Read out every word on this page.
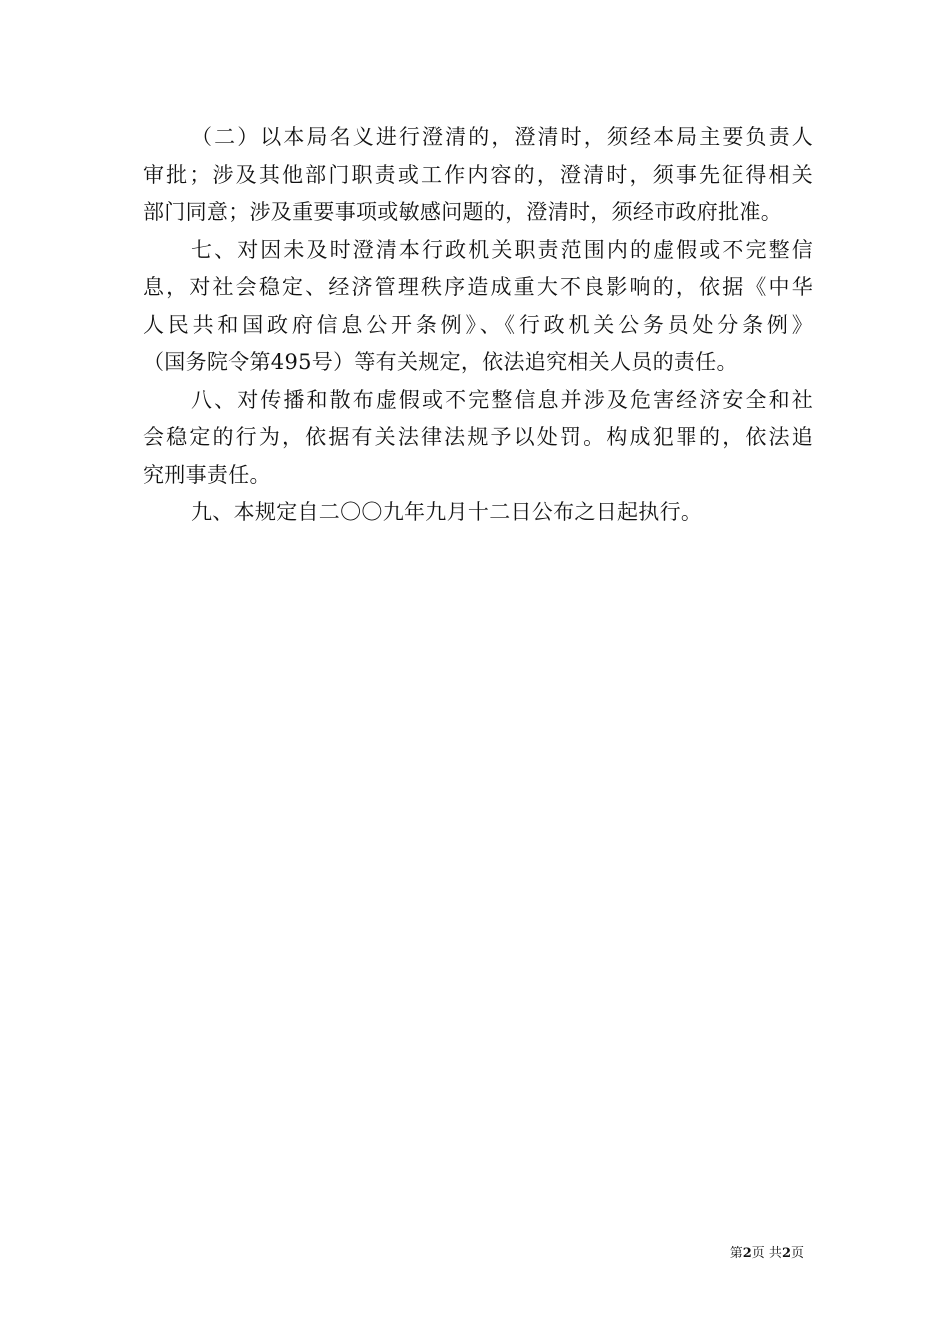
（二）以本局名义进行澄清的，澄清时，须经本局主要负责人
审批；涉及其他部门职责或工作内容的，澄清时，须事先征得相关
部门同意；涉及重要事项或敏感问题的，澄清时，须经市政府批准。
七、对因未及时澄清本行政机关职责范围内的虚假或不完整信
息，对社会稳定、经济管理秩序造成重大不良影响的，依据《中华
人民共和国政府信息公开条例》、《行政机关公务员处分条例》
（国务院令第495号）等有关规定，依法追究相关人员的责任。
八、对传播和散布虚假或不完整信息并涉及危害经济安全和社
会稳定的行为，依据有关法律法规予以处罚。构成犯罪的，依法追
究刑事责任。
九、本规定自二〇〇九年九月十二日公布之日起执行。
第2页 共2页
